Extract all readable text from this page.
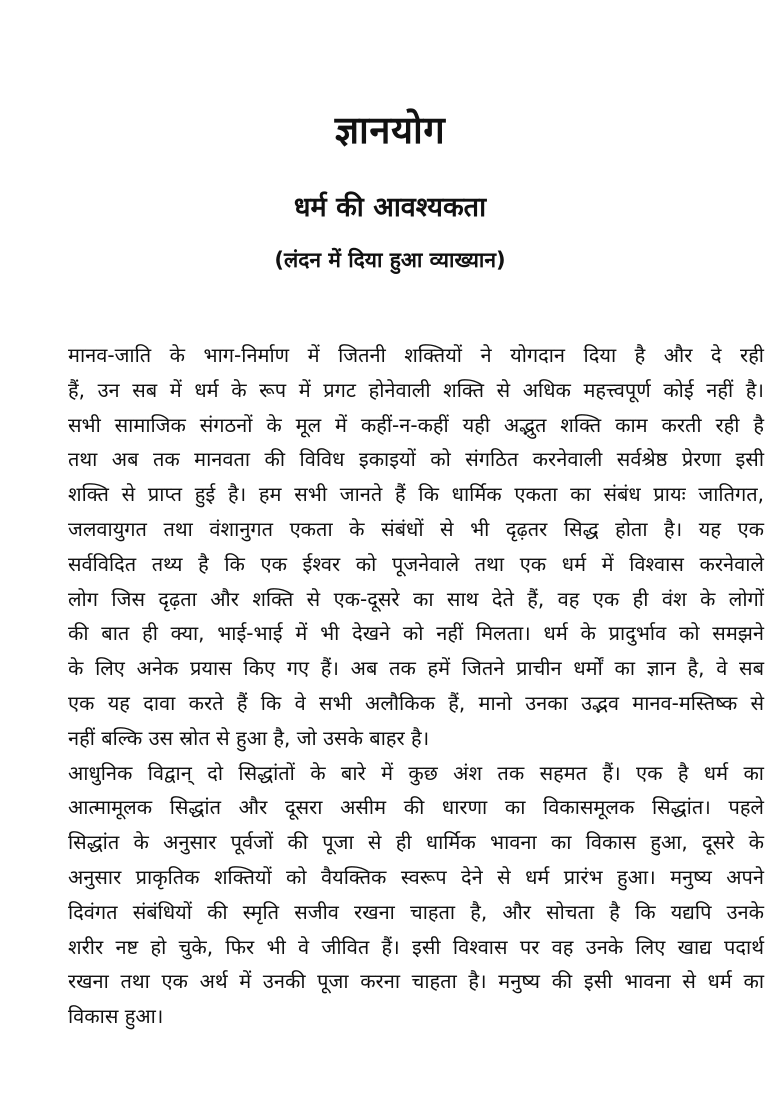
ज्ञानयोग
धर्म की आवश्यकता
(लंदन में दिया हुआ व्याख्यान)

मानव-जाति के भाग-निर्माण में जितनी शक्तियों ने योगदान दिया है और दे रही
हैं, उन सब में धर्म के रूप में प्रगट होनेवाली शक्ति से अधिक महत्त्वपूर्ण कोई नहीं है।
सभी सामाजिक संगठनों के मूल में कहीं-न-कहीं यही अद्भुत शक्ति काम करती रही है
तथा अब तक मानवता की विविध इकाइयों को संगठित करनेवाली सर्वश्रेष्ठ प्रेरणा इसी
शक्ति से प्राप्त हुई है। हम सभी जानते हैं कि धार्मिक एकता का संबंध प्रायः जातिगत,
जलवायुगत तथा वंशानुगत एकता के संबंधों से भी दृढ़तर सिद्ध होता है। यह एक
सर्वविदित तथ्य है कि एक ईश्वर को पूजनेवाले तथा एक धर्म में विश्वास करनेवाले
लोग जिस दृढ़ता और शक्ति से एक-दूसरे का साथ देते हैं, वह एक ही वंश के लोगों
की बात ही क्या, भाई-भाई में भी देखने को नहीं मिलता। धर्म के प्रादुर्भाव को समझने
के लिए अनेक प्रयास किए गए हैं। अब तक हमें जितने प्राचीन धर्मों का ज्ञान है, वे सब
एक यह दावा करते हैं कि वे सभी अलौकिक हैं, मानो उनका उद्भव मानव-मस्तिष्क से
नहीं बल्कि उस स्रोत से हुआ है, जो उसके बाहर है।

आधुनिक विद्वान् दो सिद्धांतों के बारे में कुछ अंश तक सहमत हैं। एक है धर्म का
आत्मामूलक सिद्धांत और दूसरा असीम की धारणा का विकासमूलक सिद्धांत। पहले
सिद्धांत के अनुसार पूर्वजों की पूजा से ही धार्मिक भावना का विकास हुआ, दूसरे के
अनुसार प्राकृतिक शक्तियों को वैयक्तिक स्वरूप देने से धर्म प्रारंभ हुआ। मनुष्य अपने
दिवंगत संबंधियों की स्मृति सजीव रखना चाहता है, और सोचता है कि यद्यपि उनके
शरीर नष्ट हो चुके, फिर भी वे जीवित हैं। इसी विश्वास पर वह उनके लिए खाद्य पदार्थ
रखना तथा एक अर्थ में उनकी पूजा करना चाहता है। मनुष्य की इसी भावना से धर्म का
विकास हुआ।
